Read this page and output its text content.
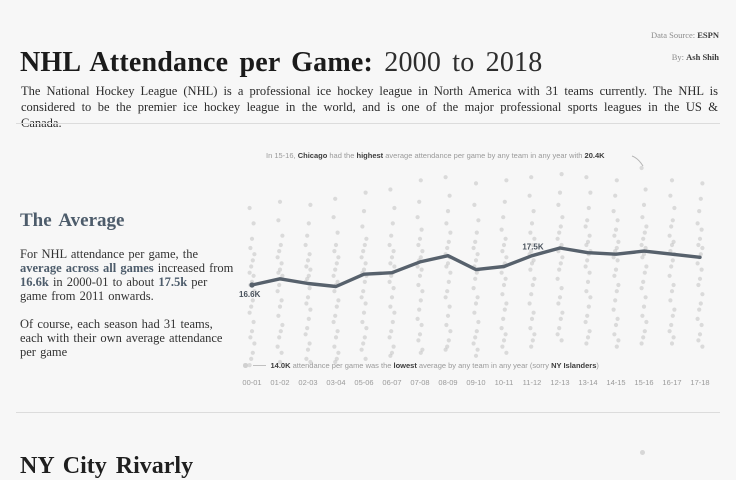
NHL Attendance per Game: 2000 to 2018
Data Source: ESPN
By: Ash Shih

The National Hockey League (NHL) is a professional ice hockey league in North America with 31 teams currently. The NHL is considered to be the premier ice hockey league in the world, and is one of the major professional sports leagues in the US & Canada.

The Average

For NHL attendance per game, the average across all games increased from 16.6k in 2000-01 to about 17.5k per game from 2011 onwards.

Of course, each season had 31 teams, each with their own average attendance per game

16.6K
17.5K
In 15-16, Chicago had the highest average attendance per game by any team in any year with 20.4K
14.0K attendance per game was the lowest average by any team in any year (sorry NY Islanders)
00-01 01-02 02-03 03-04 05-06 06-07 07-08 08-09 09-10 10-11 11-12 12-13 13-14 14-15 15-16 16-17 17-18
NY City Rivarly
